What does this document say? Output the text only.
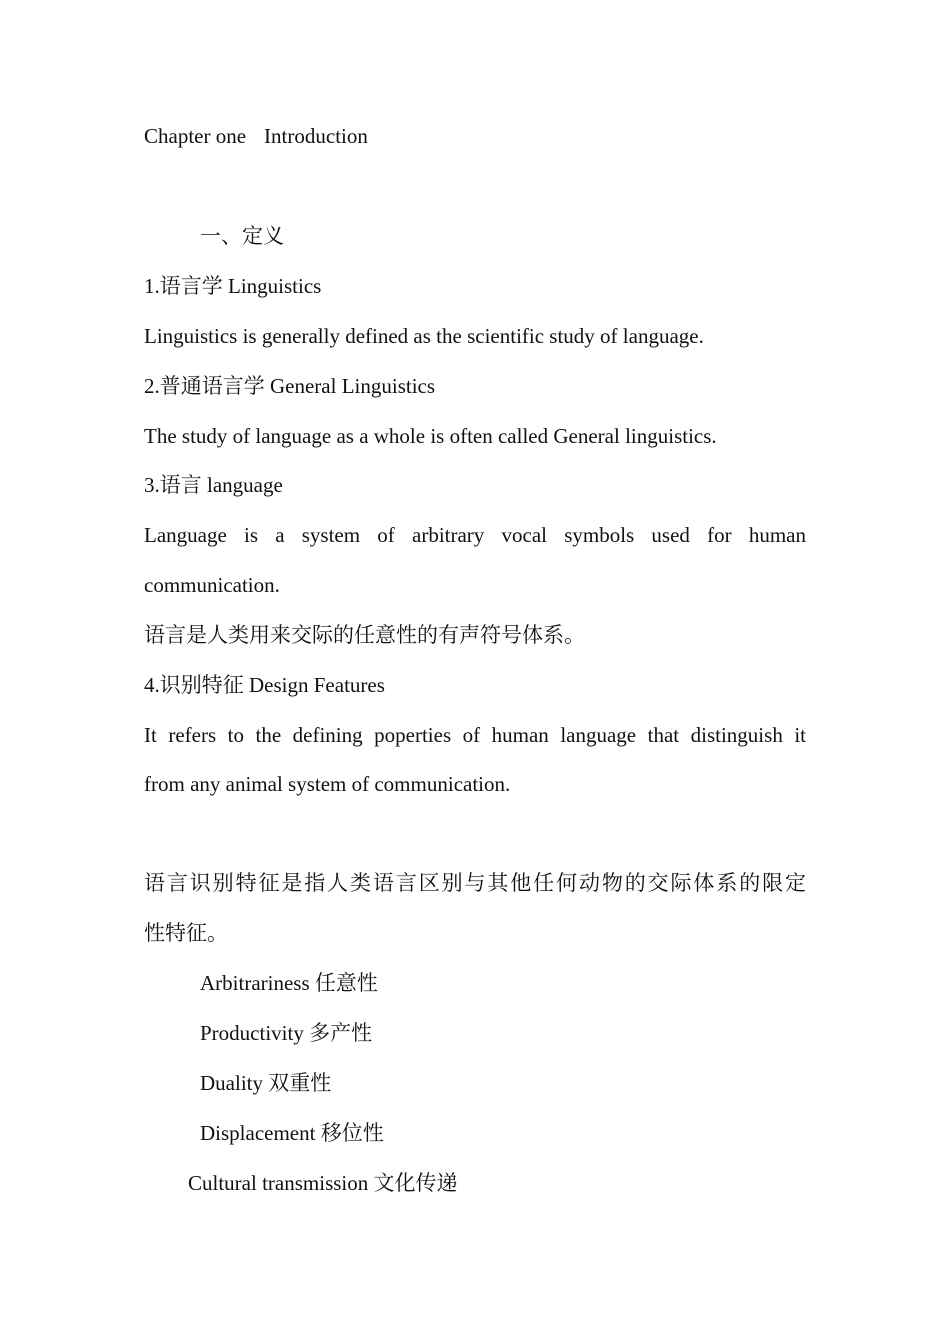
Chapter one Introduction
一、定义
1.语言学 Linguistics
Linguistics is generally defined as the scientific study of language.
2.普通语言学 General Linguistics
The study of language as a whole is often called General linguistics.
3.语言 language
Language is a system of arbitrary vocal symbols used for human
communication.
语言是人类用来交际的任意性的有声符号体系。
4.识别特征 Design Features
It refers to the defining poperties of human language that distinguish it
from any animal system of communication.
语言识别特征是指人类语言区别与其他任何动物的交际体系的限定
性特征。
Arbitrariness 任意性
Productivity 多产性
Duality 双重性
Displacement 移位性
Cultural transmission 文化传递
